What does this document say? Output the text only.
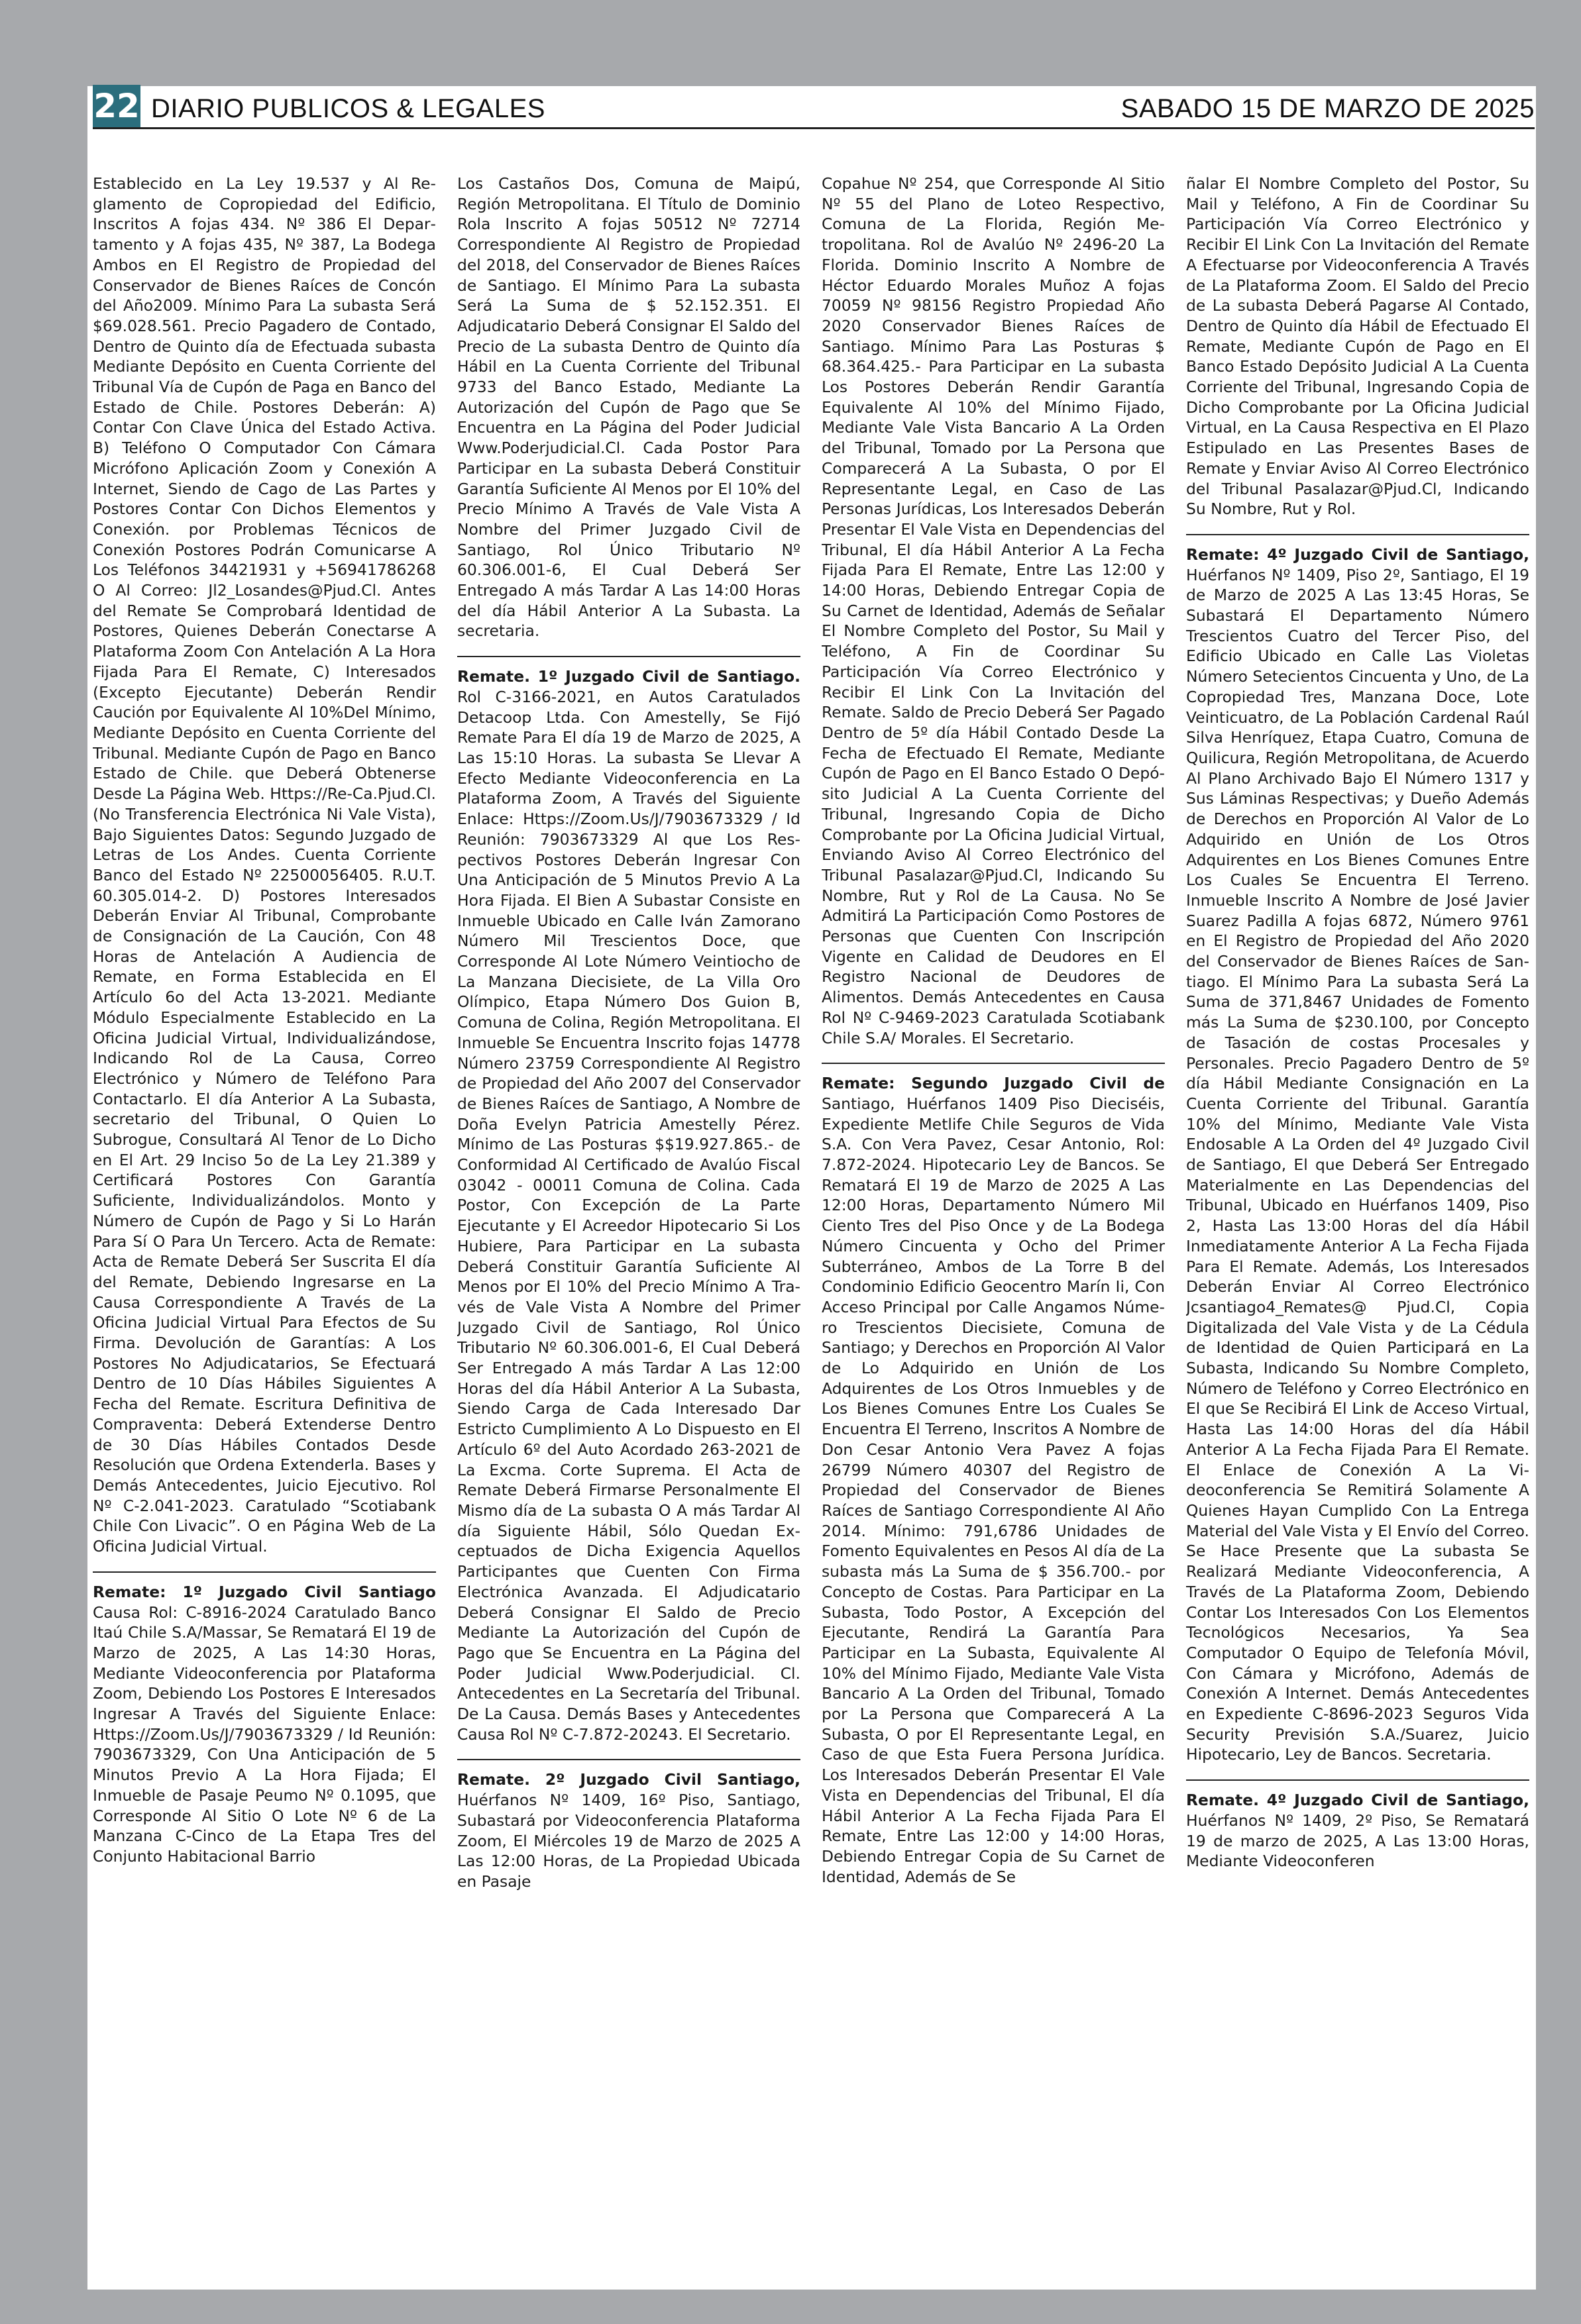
22 DIARIO PUBLICOS & LEGALES	SABADO 15 DE MARZO DE 2025

Establecido en La Ley 19.537 y Al Reglamento de Copropiedad del Edificio, Inscritos A fojas 434. Nº 386 El Departamento y A fojas 435, Nº 387, La Bodega Ambos en El Registro de Propiedad del Conservador de Bienes Raíces de Concón del Año2009. Mínimo Para La subasta Será $69.028.561. Precio Pagadero de Contado, Dentro de Quinto día de Efectuada subasta Mediante Depósito en Cuenta Corriente del Tribunal Vía de Cupón de Paga en Banco del Estado de Chile. Postores Deberán: A) Contar Con Clave Única del Estado Activa. B) Teléfono O Computador Con Cámara Micrófono Aplicación Zoom y Conexión A Internet, Siendo de Cago de Las Partes y Postores Contar Con Dichos Elementos y Conexión. por Problemas Técnicos de Conexión Postores Podrán Comunicarse A Los Teléfonos 34421931 y +56941786268 O Al Correo: Jl2_Losandes@Pjud.Cl. Antes del Remate Se Comprobará Identidad de Postores, Quienes Deberán Conectarse A Plataforma Zoom Con Antelación A La Hora Fijada Para El Remate, C) Interesados (Excepto Ejecutante) Deberán Rendir Caución por Equivalente Al 10%Del Mínimo, Mediante Depósito en Cuenta Corriente del Tribunal. Mediante Cupón de Pago en Banco Estado de Chile. que Deberá Obtenerse Desde La Página Web. Https://Re-Ca.Pjud.Cl. (No Transferencia Electrónica Ni Vale Vista), Bajo Siguientes Datos: Segundo Juzgado de Letras de Los Andes. Cuenta Corriente Banco del Estado Nº 22500056405. R.U.T. 60.305.014-2. D) Postores Interesados Deberán Enviar Al Tribunal, Comprobante de Consignación de La Caución, Con 48 Horas de Antelación A Audiencia de Remate, en Forma Establecida en El Artículo 6o del Acta 13-2021. Mediante Módulo Especialmente Establecido en La Oficina Judicial Virtual, Individualizándose, Indicando Rol de La Causa, Correo Electrónico y Número de Teléfono Para Contactarlo. El día Anterior A La Subasta, secretario del Tribunal, O Quien Lo Subrogue, Consultará Al Tenor de Lo Dicho en El Art. 29 Inciso 5o de La Ley 21.389 y Certificará Postores Con Garantía Suficiente, Individualizándolos. Monto y Número de Cupón de Pago y Si Lo Harán Para Sí O Para Un Tercero. Acta de Remate: Acta de Remate Deberá Ser Suscrita El día del Remate, Debiendo Ingresarse en La Causa Correspondiente A Través de La Oficina Judicial Virtual Para Efectos de Su Firma. Devolución de Garantías: A Los Postores No Adjudicatarios, Se Efectuará Dentro de 10 Días Hábiles Siguientes A Fecha del Remate. Escritura Definitiva de Compraventa: Deberá Extenderse Dentro de 30 Días Hábiles Contados Desde Resolución que Ordena Extenderla. Bases y Demás Antecedentes, Juicio Ejecutivo. Rol Nº C-2.041-2023. Caratulado “Scotiabank Chile Con Livacic”. O en Página Web de La Oficina Judicial Virtual.

Remate: 1º Juzgado Civil Santiago Causa Rol: C-8916-2024 Caratulado Banco Itaú Chile S.A/Massar, Se Rematará El 19 de Marzo de 2025, A Las 14:30 Horas, Mediante Videoconferencia por Plataforma Zoom, Debiendo Los Postores E Interesados Ingresar A Través del Siguiente Enlace: Https://Zoom.Us/J/7903673329 / Id Reunión: 7903673329, Con Una Anticipación de 5 Minutos Previo A La Hora Fijada; El Inmueble de Pasaje Peumo Nº 0.1095, que Corresponde Al Sitio O Lote Nº 6 de La Manzana C-Cinco de La Etapa Tres del Conjunto Habitacional Barrio

Los Castaños Dos, Comuna de Maipú, Región Metropolitana. El Título de Dominio Rola Inscrito A fojas 50512 Nº 72714 Correspondiente Al Registro de Propiedad del 2018, del Conservador de Bienes Raíces de Santiago. El Mínimo Para La subasta Será La Suma de $ 52.152.351. El Adjudicatario Deberá Consignar El Saldo del Precio de La subasta Dentro de Quinto día Hábil en La Cuenta Corriente del Tribunal 9733 del Banco Estado, Mediante La Autorización del Cupón de Pago que Se Encuentra en La Página del Poder Judicial Www.Poderjudicial.Cl. Cada Postor Para Participar en La subasta Deberá Constituir Garantía Suficiente Al Menos por El 10% del Precio Mínimo A Través de Vale Vista A Nombre del Primer Juzgado Civil de Santiago, Rol Único Tributario Nº 60.306.001-6, El Cual Deberá Ser Entregado A más Tardar A Las 14:00 Horas del día Hábil Anterior A La Subasta. La secretaria.

Remate. 1º Juzgado Civil de Santiago. Rol C-3166-2021, en Autos Caratulados Detacoop Ltda. Con Amestelly, Se Fijó Remate Para El día 19 de Marzo de 2025, A Las 15:10 Horas. La subasta Se Llevar A Efecto Mediante Videoconferencia en La Plataforma Zoom, A Través del Siguiente Enlace: Https://Zoom.Us/J/7903673329 / Id Reunión: 7903673329 Al que Los Respectivos Postores Deberán Ingresar Con Una Anticipación de 5 Minutos Previo A La Hora Fijada. El Bien A Subastar Consiste en Inmueble Ubicado en Calle Iván Zamorano Número Mil Trescientos Doce, que Corresponde Al Lote Número Veintiocho de La Manzana Diecisiete, de La Villa Oro Olímpico, Etapa Número Dos Guion B, Comuna de Colina, Región Metropolitana. El Inmueble Se Encuentra Inscrito fojas 14778 Número 23759 Correspondiente Al Registro de Propiedad del Año 2007 del Conservador de Bienes Raíces de Santiago, A Nombre de Doña Evelyn Patricia Amestelly Pérez. Mínimo de Las Posturas $$19.927.865.- de Conformidad Al Certificado de Avalúo Fiscal 03042 - 00011 Comuna de Colina. Cada Postor, Con Excepción de La Parte Ejecutante y El Acreedor Hipotecario Si Los Hubiere, Para Participar en La subasta Deberá Constituir Garantía Suficiente Al Menos por El 10% del Precio Mínimo A Través de Vale Vista A Nombre del Primer Juzgado Civil de Santiago, Rol Único Tributario Nº 60.306.001-6, El Cual Deberá Ser Entregado A más Tardar A Las 12:00 Horas del día Hábil Anterior A La Subasta, Siendo Carga de Cada Interesado Dar Estricto Cumplimiento A Lo Dispuesto en El Artículo 6º del Auto Acordado 263-2021 de La Excma. Corte Suprema. El Acta de Remate Deberá Firmarse Personalmente El Mismo día de La subasta O A más Tardar Al día Siguiente Hábil, Sólo Quedan Exceptuados de Dicha Exigencia Aquellos Participantes que Cuenten Con Firma Electrónica Avanzada. El Adjudicatario Deberá Consignar El Saldo de Precio Mediante La Autorización del Cupón de Pago que Se Encuentra en La Página del Poder Judicial Www.Poderjudicial. Cl. Antecedentes en La Secretaría del Tribunal. De La Causa. Demás Bases y Antecedentes Causa Rol Nº C-7.872-20243. El Secretario.

Remate. 2º Juzgado Civil Santiago, Huérfanos Nº 1409, 16º Piso, Santiago, Subastará por Videoconferencia Plataforma Zoom, El Miércoles 19 de Marzo de 2025 A Las 12:00 Horas, de La Propiedad Ubicada en Pasaje

Copahue Nº 254, que Corresponde Al Sitio Nº 55 del Plano de Loteo Respectivo, Comuna de La Florida, Región Metropolitana. Rol de Avalúo Nº 2496-20 La Florida. Dominio Inscrito A Nombre de Héctor Eduardo Morales Muñoz A fojas 70059 Nº 98156 Registro Propiedad Año 2020 Conservador Bienes Raíces de Santiago. Mínimo Para Las Posturas $ 68.364.425.- Para Participar en La subasta Los Postores Deberán Rendir Garantía Equivalente Al 10% del Mínimo Fijado, Mediante Vale Vista Bancario A La Orden del Tribunal, Tomado por La Persona que Comparecerá A La Subasta, O por El Representante Legal, en Caso de Las Personas Jurídicas, Los Interesados Deberán Presentar El Vale Vista en Dependencias del Tribunal, El día Hábil Anterior A La Fecha Fijada Para El Remate, Entre Las 12:00 y 14:00 Horas, Debiendo Entregar Copia de Su Carnet de Identidad, Además de Señalar El Nombre Completo del Postor, Su Mail y Teléfono, A Fin de Coordinar Su Participación Vía Correo Electrónico y Recibir El Link Con La Invitación del Remate. Saldo de Precio Deberá Ser Pagado Dentro de 5º día Hábil Contado Desde La Fecha de Efectuado El Remate, Mediante Cupón de Pago en El Banco Estado O Depósito Judicial A La Cuenta Corriente del Tribunal, Ingresando Copia de Dicho Comprobante por La Oficina Judicial Virtual, Enviando Aviso Al Correo Electrónico del Tribunal Pasalazar@Pjud.Cl, Indicando Su Nombre, Rut y Rol de La Causa. No Se Admitirá La Participación Como Postores de Personas que Cuenten Con Inscripción Vigente en Calidad de Deudores en El Registro Nacional de Deudores de Alimentos. Demás Antecedentes en Causa Rol Nº C-9469-2023 Caratulada Scotiabank Chile S.A/ Morales. El Secretario.

Remate: Segundo Juzgado Civil de Santiago, Huérfanos 1409 Piso Dieciséis, Expediente Metlife Chile Seguros de Vida S.A. Con Vera Pavez, Cesar Antonio, Rol: 7.872-2024. Hipotecario Ley de Bancos. Se Rematará El 19 de Marzo de 2025 A Las 12:00 Horas, Departamento Número Mil Ciento Tres del Piso Once y de La Bodega Número Cincuenta y Ocho del Primer Subterráneo, Ambos de La Torre B del Condominio Edificio Geocentro Marín Ii, Con Acceso Principal por Calle Angamos Número Trescientos Diecisiete, Comuna de Santiago; y Derechos en Proporción Al Valor de Lo Adquirido en Unión de Los Adquirentes de Los Otros Inmuebles y de Los Bienes Comunes Entre Los Cuales Se Encuentra El Terreno, Inscritos A Nombre de Don Cesar Antonio Vera Pavez A fojas 26799 Número 40307 del Registro de Propiedad del Conservador de Bienes Raíces de Santiago Correspondiente Al Año 2014. Mínimo: 791,6786 Unidades de Fomento Equivalentes en Pesos Al día de La subasta más La Suma de $ 356.700.- por Concepto de Costas. Para Participar en La Subasta, Todo Postor, A Excepción del Ejecutante, Rendirá La Garantía Para Participar en La Subasta, Equivalente Al 10% del Mínimo Fijado, Mediante Vale Vista Bancario A La Orden del Tribunal, Tomado por La Persona que Comparecerá A La Subasta, O por El Representante Legal, en Caso de que Esta Fuera Persona Jurídica. Los Interesados Deberán Presentar El Vale Vista en Dependencias del Tribunal, El día Hábil Anterior A La Fecha Fijada Para El Remate, Entre Las 12:00 y 14:00 Horas, Debiendo Entregar Copia de Su Carnet de Identidad, Además de Se

ñalar El Nombre Completo del Postor, Su Mail y Teléfono, A Fin de Coordinar Su Participación Vía Correo Electrónico y Recibir El Link Con La Invitación del Remate A Efectuarse por Videoconferencia A Través de La Plataforma Zoom. El Saldo del Precio de La subasta Deberá Pagarse Al Contado, Dentro de Quinto día Hábil de Efectuado El Remate, Mediante Cupón de Pago en El Banco Estado Depósito Judicial A La Cuenta Corriente del Tribunal, Ingresando Copia de Dicho Comprobante por La Oficina Judicial Virtual, en La Causa Respectiva en El Plazo Estipulado en Las Presentes Bases de Remate y Enviar Aviso Al Correo Electrónico del Tribunal Pasalazar@Pjud.Cl, Indicando Su Nombre, Rut y Rol.

Remate: 4º Juzgado Civil de Santiago, Huérfanos Nº 1409, Piso 2º, Santiago, El 19 de Marzo de 2025 A Las 13:45 Horas, Se Subastará El Departamento Número Trescientos Cuatro del Tercer Piso, del Edificio Ubicado en Calle Las Violetas Número Setecientos Cincuenta y Uno, de La Copropiedad Tres, Manzana Doce, Lote Veinticuatro, de La Población Cardenal Raúl Silva Henríquez, Etapa Cuatro, Comuna de Quilicura, Región Metropolitana, de Acuerdo Al Plano Archivado Bajo El Número 1317 y Sus Láminas Respectivas; y Dueño Además de Derechos en Proporción Al Valor de Lo Adquirido en Unión de Los Otros Adquirentes en Los Bienes Comunes Entre Los Cuales Se Encuentra El Terreno. Inmueble Inscrito A Nombre de José Javier Suarez Padilla A fojas 6872, Número 9761 en El Registro de Propiedad del Año 2020 del Conservador de Bienes Raíces de Santiago. El Mínimo Para La subasta Será La Suma de 371,8467 Unidades de Fomento más La Suma de $230.100, por Concepto de Tasación de costas Procesales y Personales. Precio Pagadero Dentro de 5º día Hábil Mediante Consignación en La Cuenta Corriente del Tribunal. Garantía 10% del Mínimo, Mediante Vale Vista Endosable A La Orden del 4º Juzgado Civil de Santiago, El que Deberá Ser Entregado Materialmente en Las Dependencias del Tribunal, Ubicado en Huérfanos 1409, Piso 2, Hasta Las 13:00 Horas del día Hábil Inmediatamente Anterior A La Fecha Fijada Para El Remate. Además, Los Interesados Deberán Enviar Al Correo Electrónico Jcsantiago4_Remates@ Pjud.Cl, Copia Digitalizada del Vale Vista y de La Cédula de Identidad de Quien Participará en La Subasta, Indicando Su Nombre Completo, Número de Teléfono y Correo Electrónico en El que Se Recibirá El Link de Acceso Virtual, Hasta Las 14:00 Horas del día Hábil Anterior A La Fecha Fijada Para El Remate. El Enlace de Conexión A La Videoconferencia Se Remitirá Solamente A Quienes Hayan Cumplido Con La Entrega Material del Vale Vista y El Envío del Correo. Se Hace Presente que La subasta Se Realizará Mediante Videoconferencia, A Través de La Plataforma Zoom, Debiendo Contar Los Interesados Con Los Elementos Tecnológicos Necesarios, Ya Sea Computador O Equipo de Telefonía Móvil, Con Cámara y Micrófono, Además de Conexión A Internet. Demás Antecedentes en Expediente C-8696-2023 Seguros Vida Security Previsión S.A./Suarez, Juicio Hipotecario, Ley de Bancos. Secretaria.

Remate. 4º Juzgado Civil de Santiago, Huérfanos Nº 1409, 2º Piso, Se Rematará 19 de marzo de 2025, A Las 13:00 Horas, Mediante Videoconferen
